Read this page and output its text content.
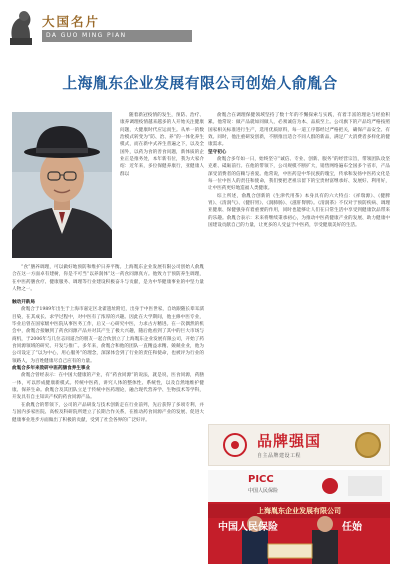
大国名片
DA GUO MING PIAN
上海胤东企业发展有限公司创始人俞胤合

随着新冠疫情的发生，预防、治疗、康养调理疫情越来越多的人开始关注健康问题，大健康时代应运而生。从单一的数治模式转变为“防、治、养”的一体化养生模式，而在新中式养生普遍之下，以及全国外，以药为食的善食问题，新体质的企业正是推务处，本年新有位，我为大家介绍：近年来，多位保健养康行，亚健康人群以

“食”膳养调理，可以做好地预防和维护日养平衡。上海胤东企业发展有限公司创始人俞胤合在这一方面卓有建树，你是不可当“以养润体”这一药食同源真方。他致力于预防养生调理，在中医药膳食疗、健康服务、调理等行业建设积极奋斗与贡献，是为中华健康事业的中坚力量人物之一。

触动开新局

俞胤合于1989年出生于上海市嘉定区北翟遗址附近，出身于中医世家，自幼跟随长辈耳濡目染，在其成长、求学过程中，对中医有了浓厚的兴趣。因此在大学期间，他主修中医专业，毕业后曾在国家级中医院从事医务工作，后又一心研究中医，力求古方精进。在一次偶然的机会中，俞胤合接触到了药食同源产品并对其产生了极大兴趣，随后他看到了其中的巨大市场与商机，于2006年与几位志同道合的朋友一起合伙创立了上海胤东企业发展有限公司，开始了药食同源领域的研究、开发与推广。多年来，俞胤合和他的团队一直精益求精、兢兢业业，他为公司设定了“以为中心，用心服务”的理念，深深体会到了行业的责任和使命，也被评为行业的领路人，为百姓健康尽自己应有的力量。

俞胤合多年来致研中医药膳食养生事业

俞胤合曾经表示：在中国大健康的产业，有“药食同源”的说法，就是说，医食同源，药膳一体，可以形成健康新模式。传统中医药，讲究人体的整体性、系统性，以及自然地维护健康、保养生命。俞胤合及其团队立足于传统中医药理论，融合现代营养学、生物技术等学科，开发具有自主知识产权的药食同源产品。

在俞胤合的带领下，公司的产品研发与技术创新走在行业前列，先后获得了多项专利，并与国内多家医院、高校及科研院所建立了长期合作关系，在推动药食同源产业的发展、促进大健康事业进步方面做出了积极的贡献，受到了社会各界的广泛好评。

俞胤合在调理保健领域坚持了数十年的不懈探索与实践，有着丰富的理论与经验积累。他常说：做产品就如同做人，必须诚信为本、品质至上。公司旗下的产品均严格按照国家相关标准进行生产，选用优质原料，每一道工序都经过严格把关，确保产品安全、有效。同时，他注重研发创新，不断推出适合不同人群的新品，满足广大消费者多样化的健康需求。

坚守初心

俞胤合多年如一日，始终坚守“诚信、专业、创新、服务”的经营宗旨，带领团队攻坚克难、砥砺前行。在他的带领下，公司规模不断扩大，销售网络遍布全国多个省市，产品深受消费者的信赖与喜爱。他常说，中医药是中华民族的瑰宝，传承和发扬中医药文化是每一位中医人的责任和使命，我们要把老祖宗留下的宝贵财富继承好、发展好、利用好，让中医药更好地造福人类健康。

综上所述，俞胤合创新的《生津代用茶》本身具有的六大特点：《祥瑞源》、《健脾胃》、《清润气》、《健肝胃》、《润肺肠》、《滋肝腎脾》。《清润茶》不仅对于预防疾病、调理亚健康、保健强身有着重要的作用，同时也能够让人们在日常生活中享受到健康饮品带来的乐趣。俞胤合表示：未来将继续秉承初心，为推动中医药健康产业的发展、助力健康中国建设贡献自己的力量，让更多的人受益于中医药，享受健康美好的生活。

品牌强国
自主品牌建设工程
PICC
中国人民保险
上海胤东企业发展有限公司
中国人民保险	任始
